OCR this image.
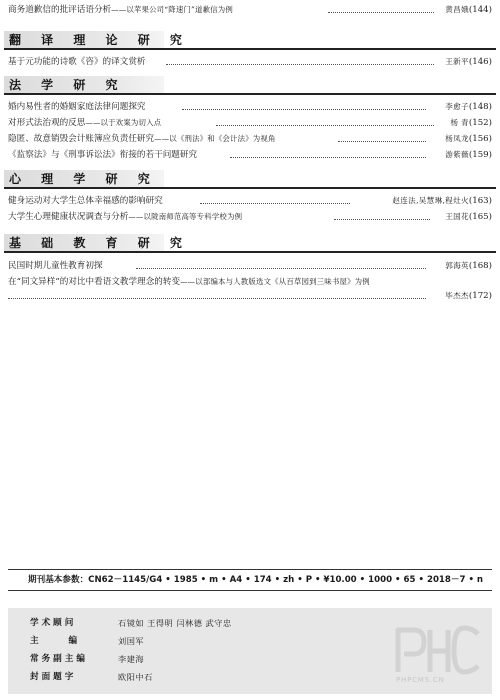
商务道歉信的批评话语分析——以苹果公司“降速门”道歉信为例	黄昌娥(144)
翻 译 理 论 研 究
基于元功能的诗歌《咨》的译文赏析	王新平(146)
法 学 研 究
婚内易性者的婚姻家庭法律问题探究	李愈子(148)
对形式法治观的反思——以于欢案为切入点	杨 青(152)
隐匿、故意销毁会计账簿应负责任研究——以《刑法》和《会计法》为视角	杨凤龙(156)
《监察法》与《刑事诉讼法》衔接的若干问题研究	游紫薇(159)
心 理 学 研 究
健身运动对大学生总体幸福感的影响研究	赵连法,吴慧琳,程灶火(163)
大学生心理健康状况调查与分析——以陇南师范高等专科学校为例	王国花(165)
基 础 教 育 研 究
民国时期儿童性教育初探	郭海英(168)
在“同文异样”的对比中看语文教学理念的转变——以部编本与人教版选文《从百草园到三味书屋》为例
毕杰杰(172)
期刊基本参数：CN62－1145/G4 • 1985 • m • A4 • 174 • zh • P • ¥10.00 • 1000 • 65 • 2018－7 • n
学 术 顾 问	石镜如 王得明 闫林德 武守忠
主          编	刘国军
常 务 副 主 编	李建海
封 面 题 字	欧阳中石	PHPCMS.CN
